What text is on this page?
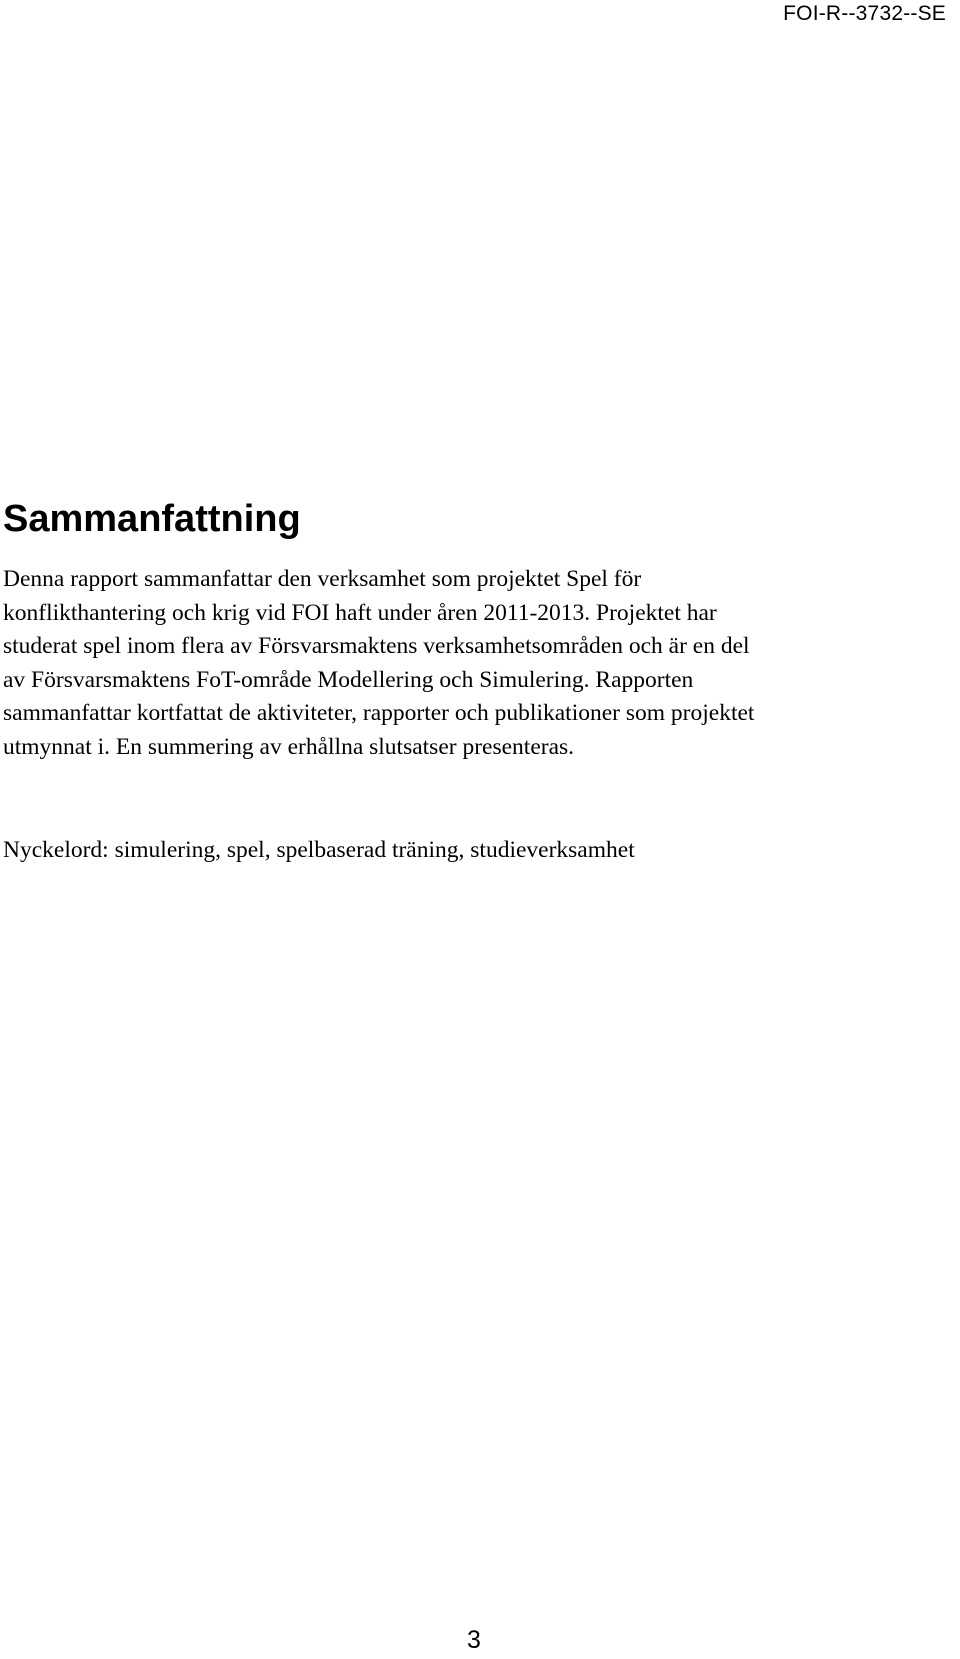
FOI-R--3732--SE
Sammanfattning

Denna rapport sammanfattar den verksamhet som projektet Spel för
konflikthantering och krig vid FOI haft under åren 2011-2013. Projektet har
studerat spel inom flera av Försvarsmaktens verksamhetsområden och är en del
av Försvarsmaktens FoT-område Modellering och Simulering. Rapporten
sammanfattar kortfattat de aktiviteter, rapporter och publikationer som projektet
utmynnat i. En summering av erhållna slutsatser presenteras.

Nyckelord: simulering, spel, spelbaserad träning, studieverksamhet

3
